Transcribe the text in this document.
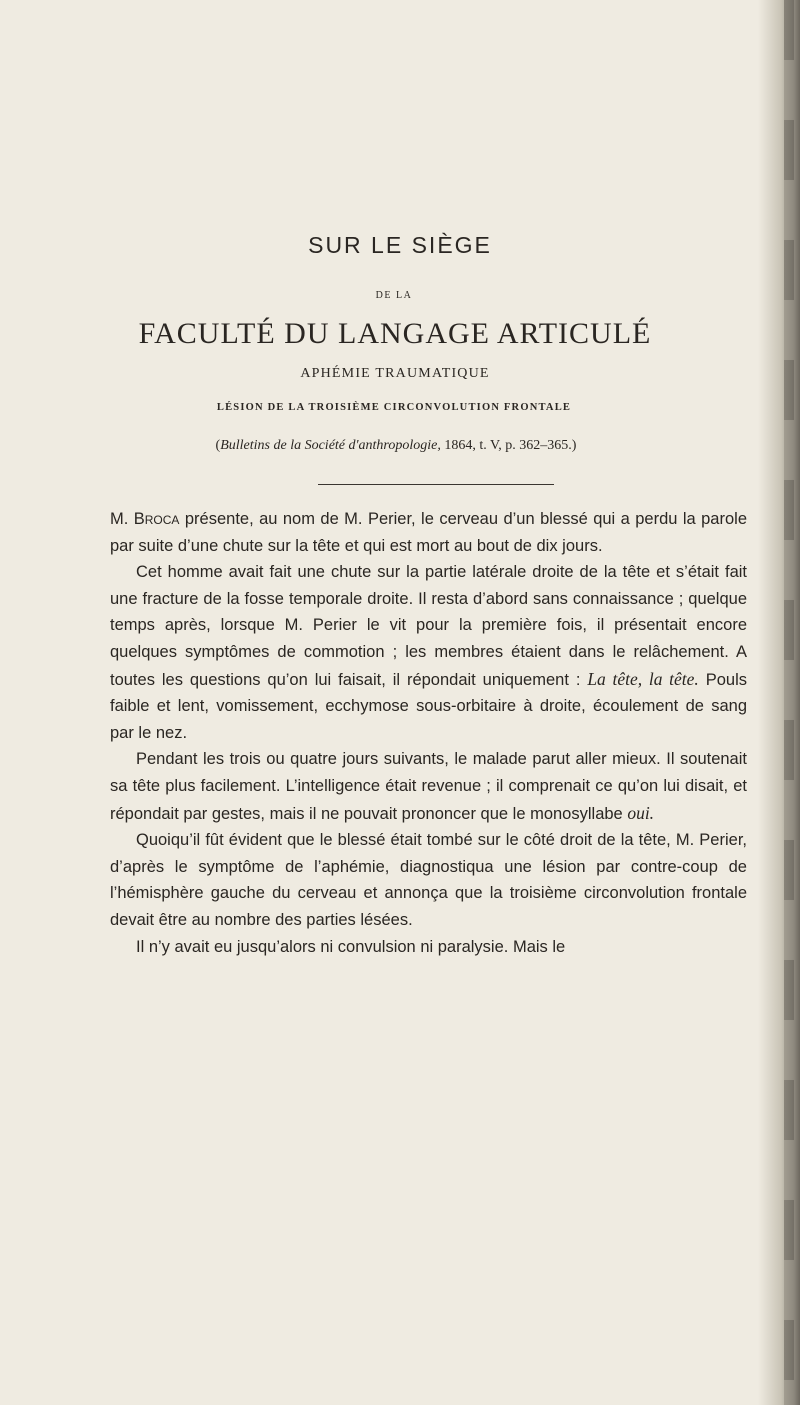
SUR LE SIÈGE
DE LA
FACULTÉ DU LANGAGE ARTICULÉ
APHÉMIE TRAUMATIQUE
LÉSION DE LA TROISIÈME CIRCONVOLUTION FRONTALE
(Bulletins de la Société d'anthropologie, 1864, t. V, p. 362–365.)

M. Broca présente, au nom de M. Perier, le cerveau d’un blessé qui a perdu la parole par suite d’une chute sur la tête et qui est mort au bout de dix jours.

Cet homme avait fait une chute sur la partie latérale droite de la tête et s’était fait une fracture de la fosse temporale droite. Il resta d’abord sans connaissance ; quelque temps après, lorsque M. Perier le vit pour la première fois, il présentait encore quelques symptômes de commotion ; les membres étaient dans le relâchement. A toutes les questions qu’on lui faisait, il répondait uniquement : La tête, la tête. Pouls faible et lent, vomissement, ecchymose sous-orbitaire à droite, écoulement de sang par le nez.

Pendant les trois ou quatre jours suivants, le malade parut aller mieux. Il soutenait sa tête plus facilement. L’intelligence était revenue ; il comprenait ce qu’on lui disait, et répondait par gestes, mais il ne pouvait prononcer que le monosyllabe oui.

Quoiqu’il fût évident que le blessé était tombé sur le côté droit de la tête, M. Perier, d’après le symptôme de l’aphémie, diagnostiqua une lésion par contre-coup de l’hémisphère gauche du cerveau et annonça que la troisième circonvolution frontale devait être au nombre des parties lésées.

Il n’y avait eu jusqu’alors ni convulsion ni paralysie. Mais le
